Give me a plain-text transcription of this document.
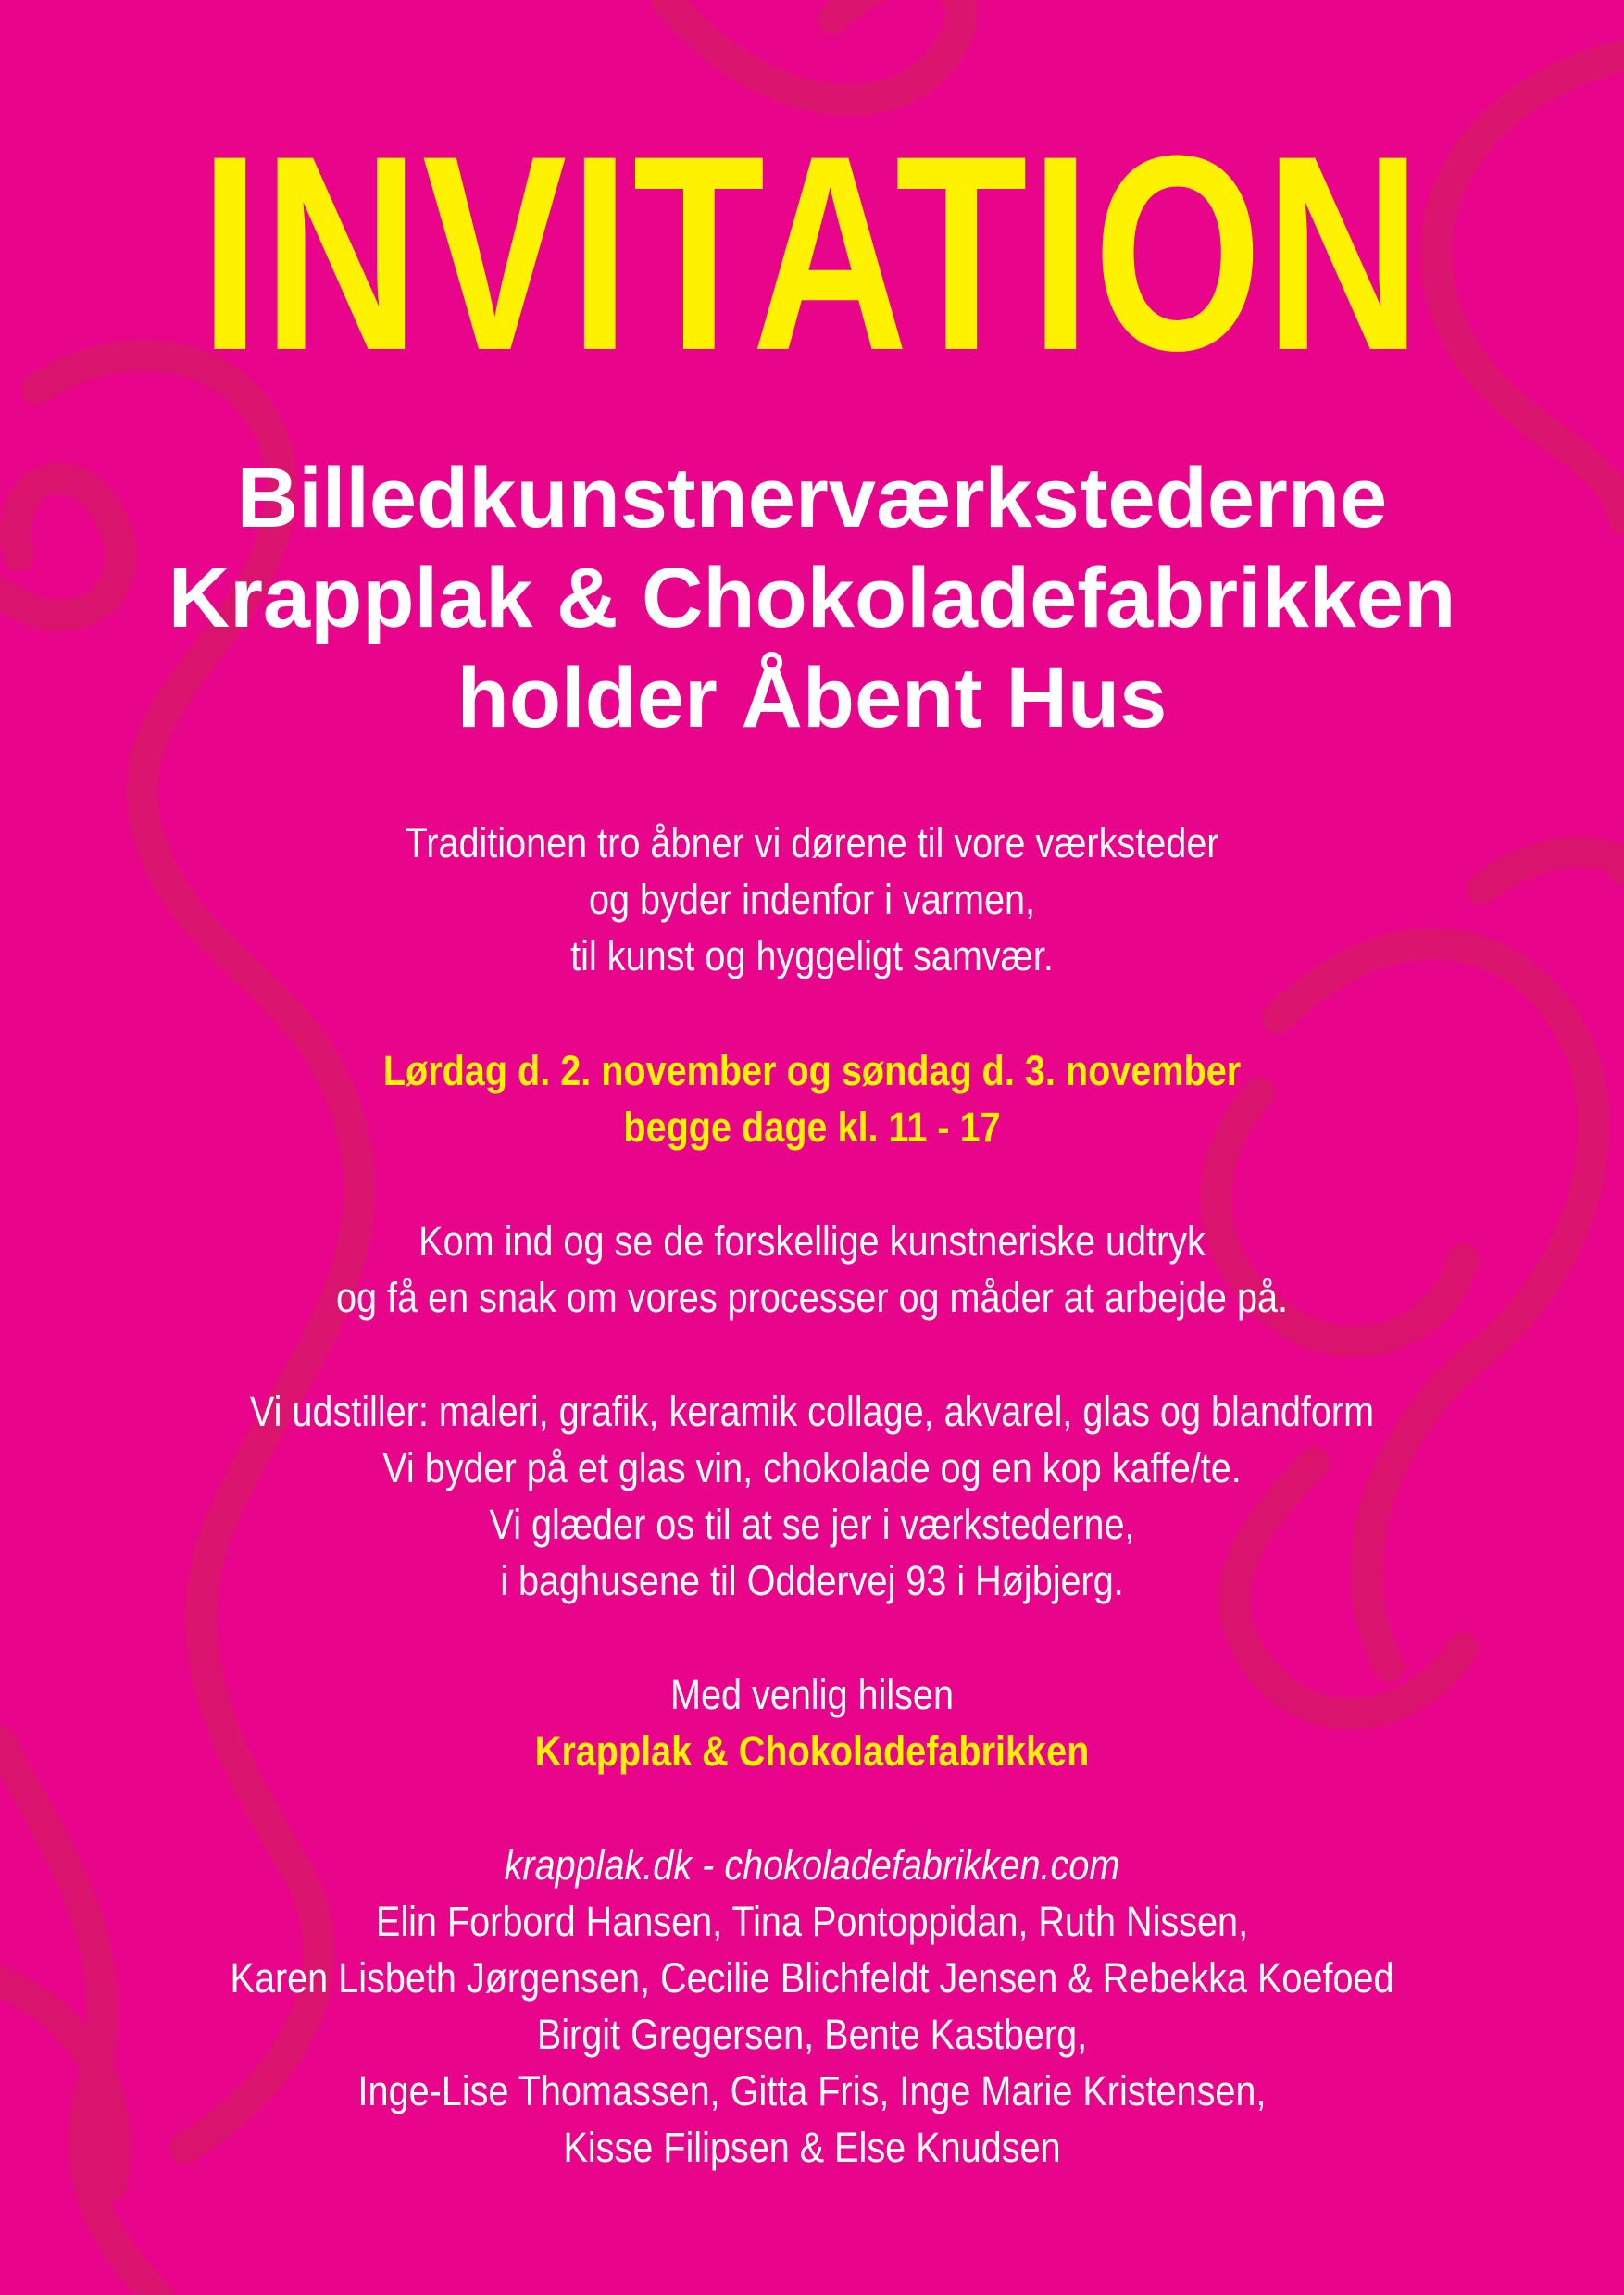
INVITATION
Billedkunstnerværkstederne
Krapplak & Chokoladefabrikken
holder Åbent Hus
Traditionen tro åbner vi dørene til vore værksteder
og byder indenfor i varmen,
til kunst og hyggeligt samvær.
Lørdag d. 2. november og søndag d. 3. november
begge dage kl. 11 - 17
Kom ind og se de forskellige kunstneriske udtryk
og få en snak om vores processer og måder at arbejde på.
Vi udstiller: maleri, grafik, keramik collage, akvarel, glas og blandform
Vi byder på et glas vin, chokolade og en kop kaffe/te.
Vi glæder os til at se jer i værkstederne,
i baghusene til Oddervej 93 i Højbjerg.
Med venlig hilsen
Krapplak & Chokoladefabrikken
krapplak.dk - chokoladefabrikken.com
Elin Forbord Hansen, Tina Pontoppidan, Ruth Nissen,
Karen Lisbeth Jørgensen, Cecilie Blichfeldt Jensen & Rebekka Koefoed
Birgit Gregersen, Bente Kastberg,
Inge-Lise Thomassen, Gitta Fris, Inge Marie Kristensen,
Kisse Filipsen & Else Knudsen
